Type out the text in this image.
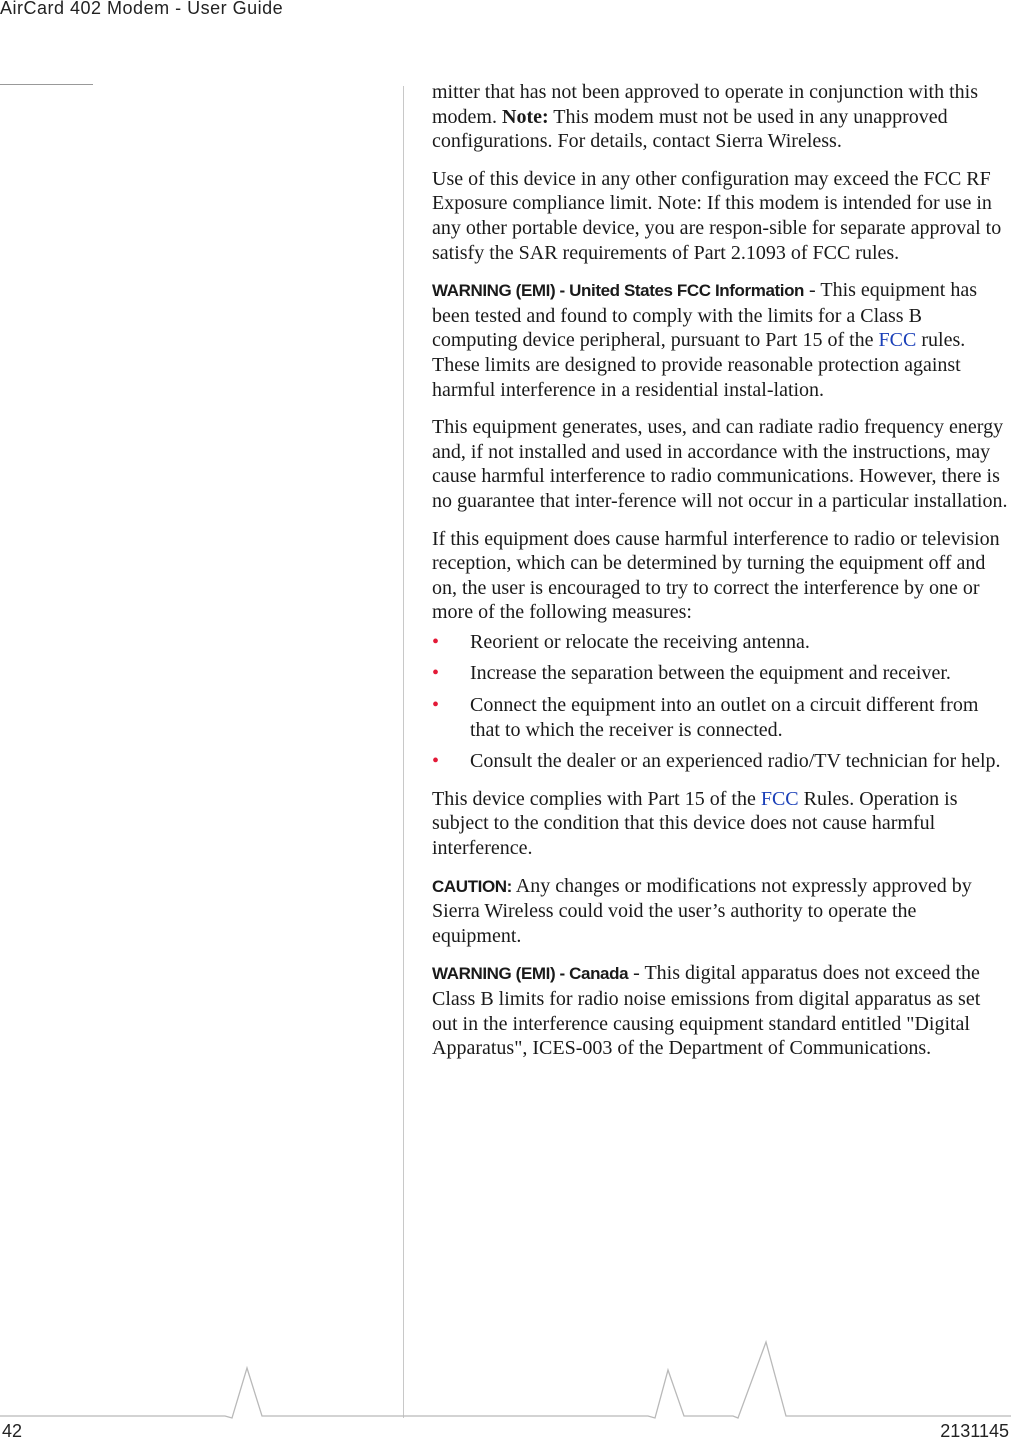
AirCard 402 Modem - User Guide

mitter that has not been approved to operate in conjunction with this modem. Note: This modem must not be used in any unapproved configurations. For details, contact Sierra Wireless.

Use of this device in any other configuration may exceed the FCC RF Exposure compliance limit. Note: If this modem is intended for use in any other portable device, you are respon-sible for separate approval to satisfy the SAR requirements of Part 2.1093 of FCC rules.

WARNING (EMI) - United States FCC Information - This equipment has been tested and found to comply with the limits for a Class B computing device peripheral, pursuant to Part 15 of the FCC rules. These limits are designed to provide reasonable protection against harmful interference in a residential instal-lation.

This equipment generates, uses, and can radiate radio frequency energy and, if not installed and used in accordance with the instructions, may cause harmful interference to radio communications. However, there is no guarantee that inter-ference will not occur in a particular installation.

If this equipment does cause harmful interference to radio or television reception, which can be determined by turning the equipment off and on, the user is encouraged to try to correct the interference by one or more of the following measures:

• Reorient or relocate the receiving antenna.
• Increase the separation between the equipment and receiver.
• Connect the equipment into an outlet on a circuit different from that to which the receiver is connected.
• Consult the dealer or an experienced radio/TV technician for help.

This device complies with Part 15 of the FCC Rules. Operation is subject to the condition that this device does not cause harmful interference.

CAUTION: Any changes or modifications not expressly approved by Sierra Wireless could void the user’s authority to operate the equipment.

WARNING (EMI) - Canada - This digital apparatus does not exceed the Class B limits for radio noise emissions from digital apparatus as set out in the interference causing equipment standard entitled "Digital Apparatus", ICES-003 of the Department of Communications.

42	2131145
